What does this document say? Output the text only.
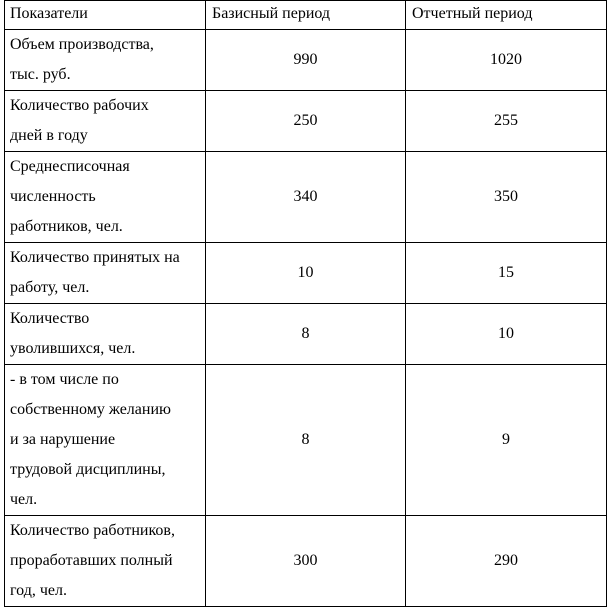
Показатели	Базисный период	Отчетный период

Объем производства,
тыс. руб.	990	1020

Количество рабочих
дней в году	250	255

Среднесписочная
численность
работников, чел.	340	350

Количество принятых на
работу, чел.	10	15

Количество
уволившихся, чел.	8	10

- в том числе по
собственному желанию
и за нарушение
трудовой дисциплины,
чел.	8	9

Количество работников,
проработавших полный
год, чел.	300	290
